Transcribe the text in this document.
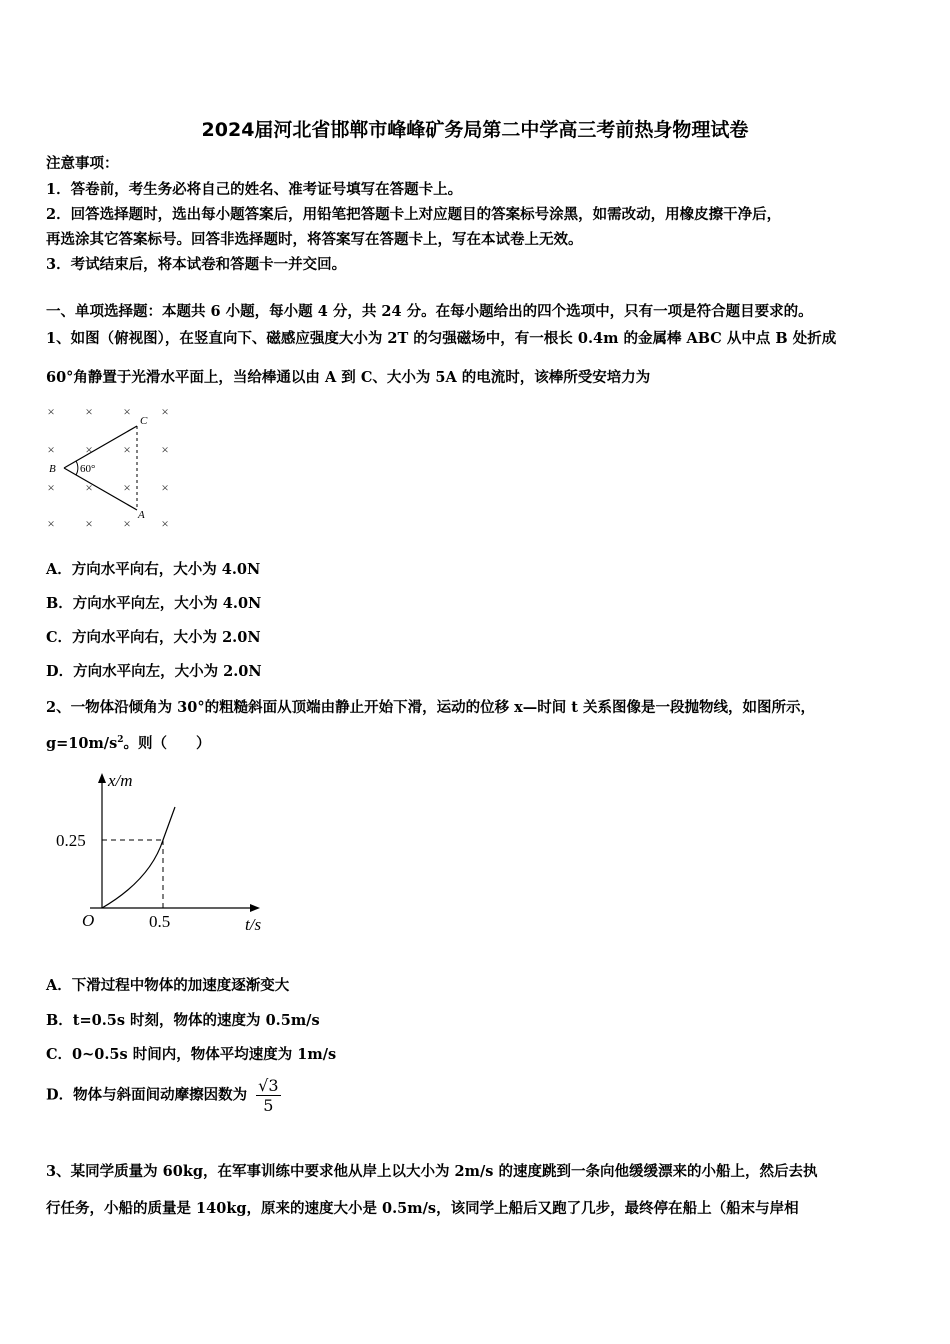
2024届河北省邯郸市峰峰矿务局第二中学高三考前热身物理试卷
注意事项：
1．答卷前，考生务必将自己的姓名、准考证号填写在答题卡上。
2．回答选择题时，选出每小题答案后，用铅笔把答题卡上对应题目的答案标号涂黑，如需改动，用橡皮擦干净后，
再选涂其它答案标号。回答非选择题时，将答案写在答题卡上，写在本试卷上无效。
3．考试结束后，将本试卷和答题卡一并交回。
一、单项选择题：本题共 6 小题，每小题 4 分，共 24 分。在每小题给出的四个选项中，只有一项是符合题目要求的。
1、如图（俯视图），在竖直向下、磁感应强度大小为 2T 的匀强磁场中，有一根长 0.4m 的金属棒 ABC 从中点 B 处折成
60°角静置于光滑水平面上，当给棒通以由 A 到 C、大小为 5A 的电流时，该棒所受安培力为
× × × ×
× × × ×
× × × ×
× × × ×
60°
C
B
A
A．方向水平向右，大小为 4.0N
B．方向水平向左，大小为 4.0N
C．方向水平向右，大小为 2.0N
D．方向水平向左，大小为 2.0N
2、一物体沿倾角为 30°的粗糙斜面从顶端由静止开始下滑，运动的位移 x—时间 t 关系图像是一段抛物线，如图所示，
$g=10m/s^2$。则（　　）
x/m
t/s
O
0.25
0.5
A．下滑过程中物体的加速度逐渐变大
B．t=0.5s 时刻，物体的速度为 0.5m/s
C．0~0.5s 时间内，物体平均速度为 1m/s
D．物体与斜面间动摩擦因数为 $\frac{√3}{5}$
3、某同学质量为 60kg，在军事训练中要求他从岸上以大小为 2m/s 的速度跳到一条向他缓缓漂来的小船上，然后去执
行任务，小船的质量是 140kg，原来的速度大小是 0.5m/s，该同学上船后又跑了几步，最终停在船上（船末与岸相
